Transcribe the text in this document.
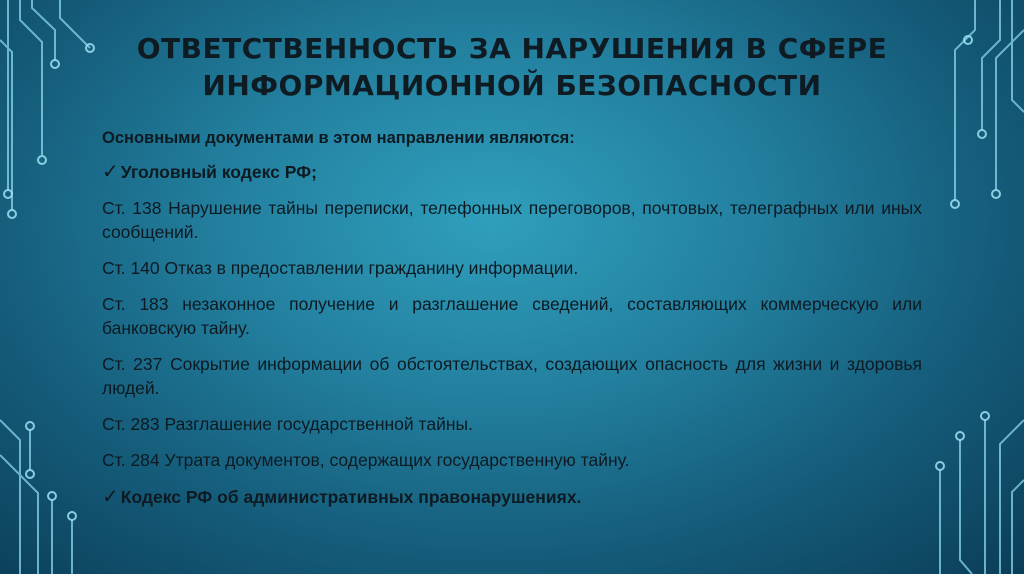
ОТВЕТСТВЕННОСТЬ ЗА НАРУШЕНИЯ В СФЕРЕ
ИНФОРМАЦИОННОЙ БЕЗОПАСНОСТИ
Основными документами в этом направлении являются:
✓ Уголовный кодекс РФ;
Ст. 138 Нарушение тайны переписки, телефонных переговоров, почтовых, телеграфных или иных сообщений.
Ст. 140 Отказ в предоставлении гражданину информации.
Ст. 183 незаконное получение и разглашение сведений, составляющих коммерческую или банковскую тайну.
Ст. 237 Сокрытие информации об обстоятельствах, создающих опасность для жизни и здоровья людей.
Ст. 283 Разглашение государственной тайны.
Ст. 284 Утрата документов, содержащих государственную тайну.
✓ Кодекс РФ об административных правонарушениях.
